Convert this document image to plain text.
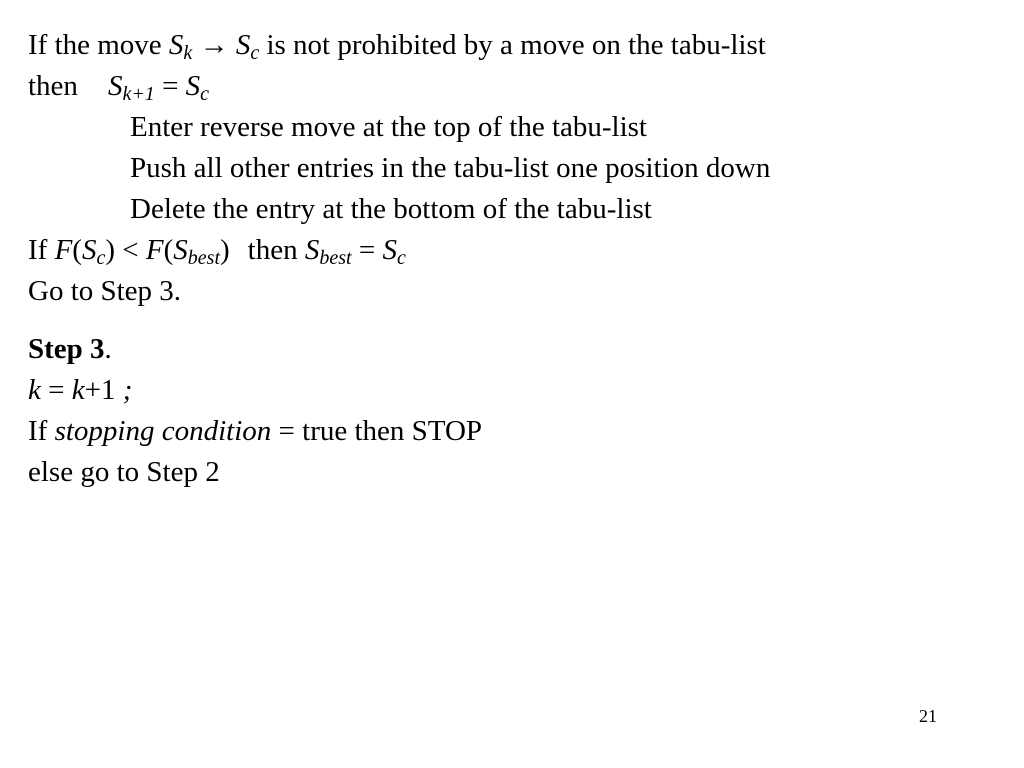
If the move $S_k \to S_c$ is not prohibited by a move on the tabu-list
then $S_{k+1} = S_c$
Enter reverse move at the top of the tabu-list
Push all other entries in the tabu-list one position down
Delete the entry at the bottom of the tabu-list
If $F(S_c) < F(S_{best})$ then $S_{best} = S_c$
Go to Step 3.
Step 3.
k = k+1 ;
If stopping condition = true then STOP
else go to Step 2
21
